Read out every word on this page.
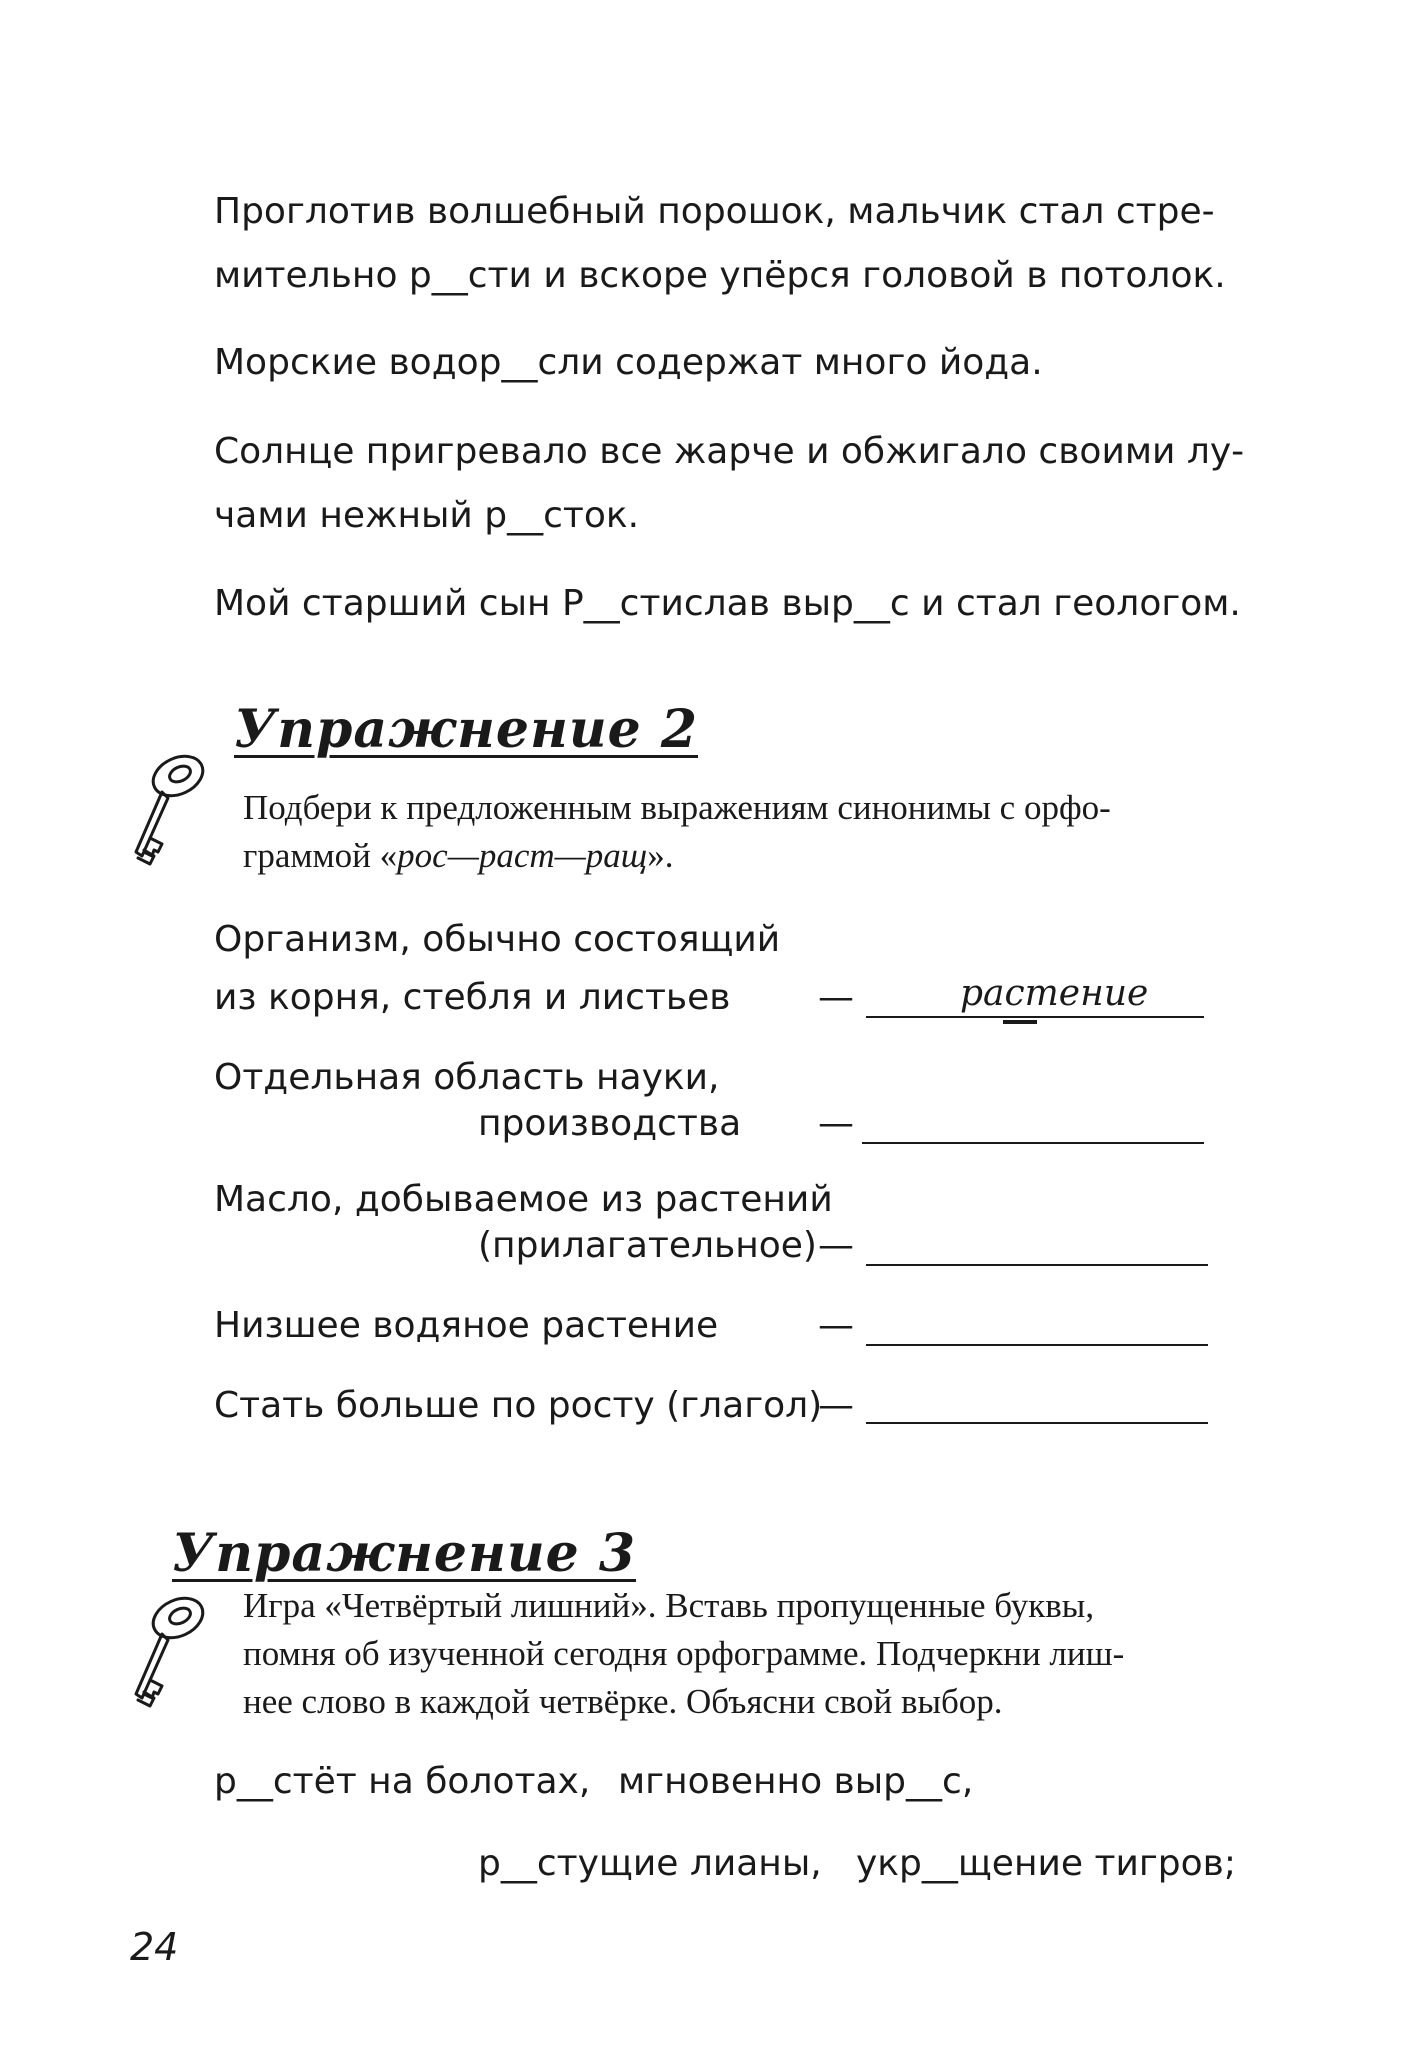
Проглотив волшебный порошок, мальчик стал стре-
мительно р__сти и вскоре упёрся головой в потолок.
Морские водор__сли содержат много йода.
Солнце пригревало все жарче и обжигало своими лу-
чами нежный р__сток.
Мой старший сын Р__стислав выр__с и стал геологом.
Упражнение 2
Подбери к предложенным выражениям синонимы с орфо-
граммой «рос—раст—ращ».
Организм, обычно состоящий
из корня, стебля и листьев —	растение
Отдельная область науки,
производства —
Масло, добываемое из растений
(прилагательное) —
Низшее водяное растение	—
Стать больше по росту (глагол)
—
Упражнение 3
Игра «Четвёртый лишний». Вставь пропущенные буквы,
помня об изученной сегодня орфограмме. Подчеркни лиш-
нее слово в каждой четвёрке. Объясни свой выбор.
р__стёт на болотах, мгновенно выр__с,
р__стущие лианы, укр__щение тигров;
24
